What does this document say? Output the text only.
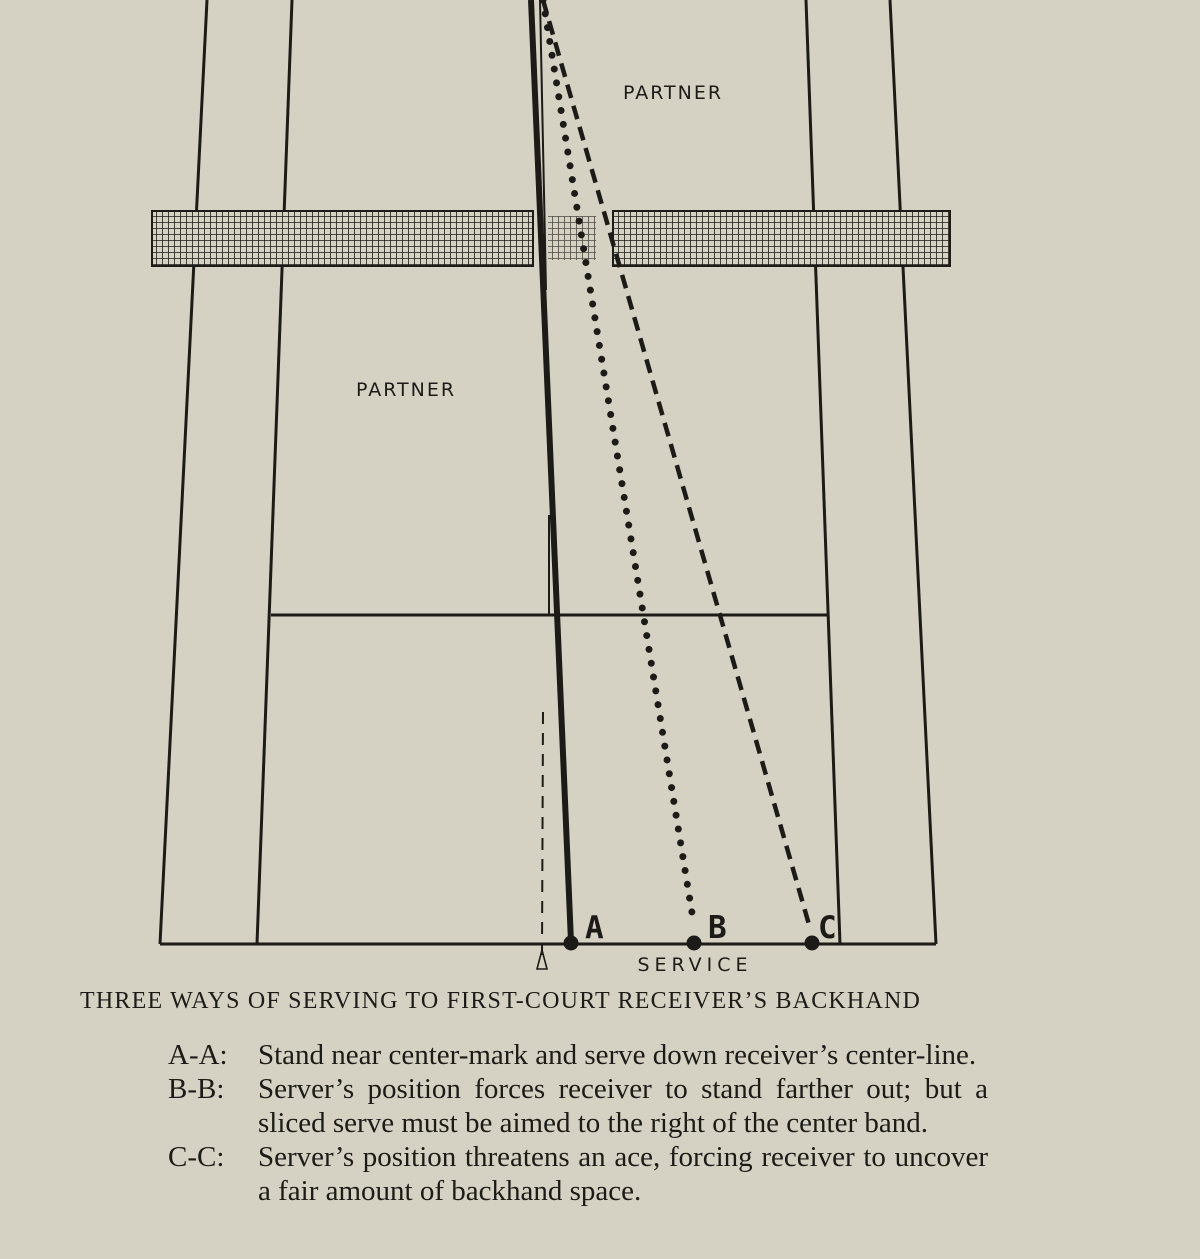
PARTNER
PARTNER
A	B	C
SERVICE
THREE WAYS OF SERVING TO FIRST-COURT RECEIVER’S BACKHAND
A-A:	Stand near center-mark and serve down receiver’s center-line.
B-B:	Server’s position forces receiver to stand farther out; but a sliced serve must be aimed to the right of the center band.
C-C:	Server’s position threatens an ace, forcing receiver to uncover a fair amount of backhand space.
